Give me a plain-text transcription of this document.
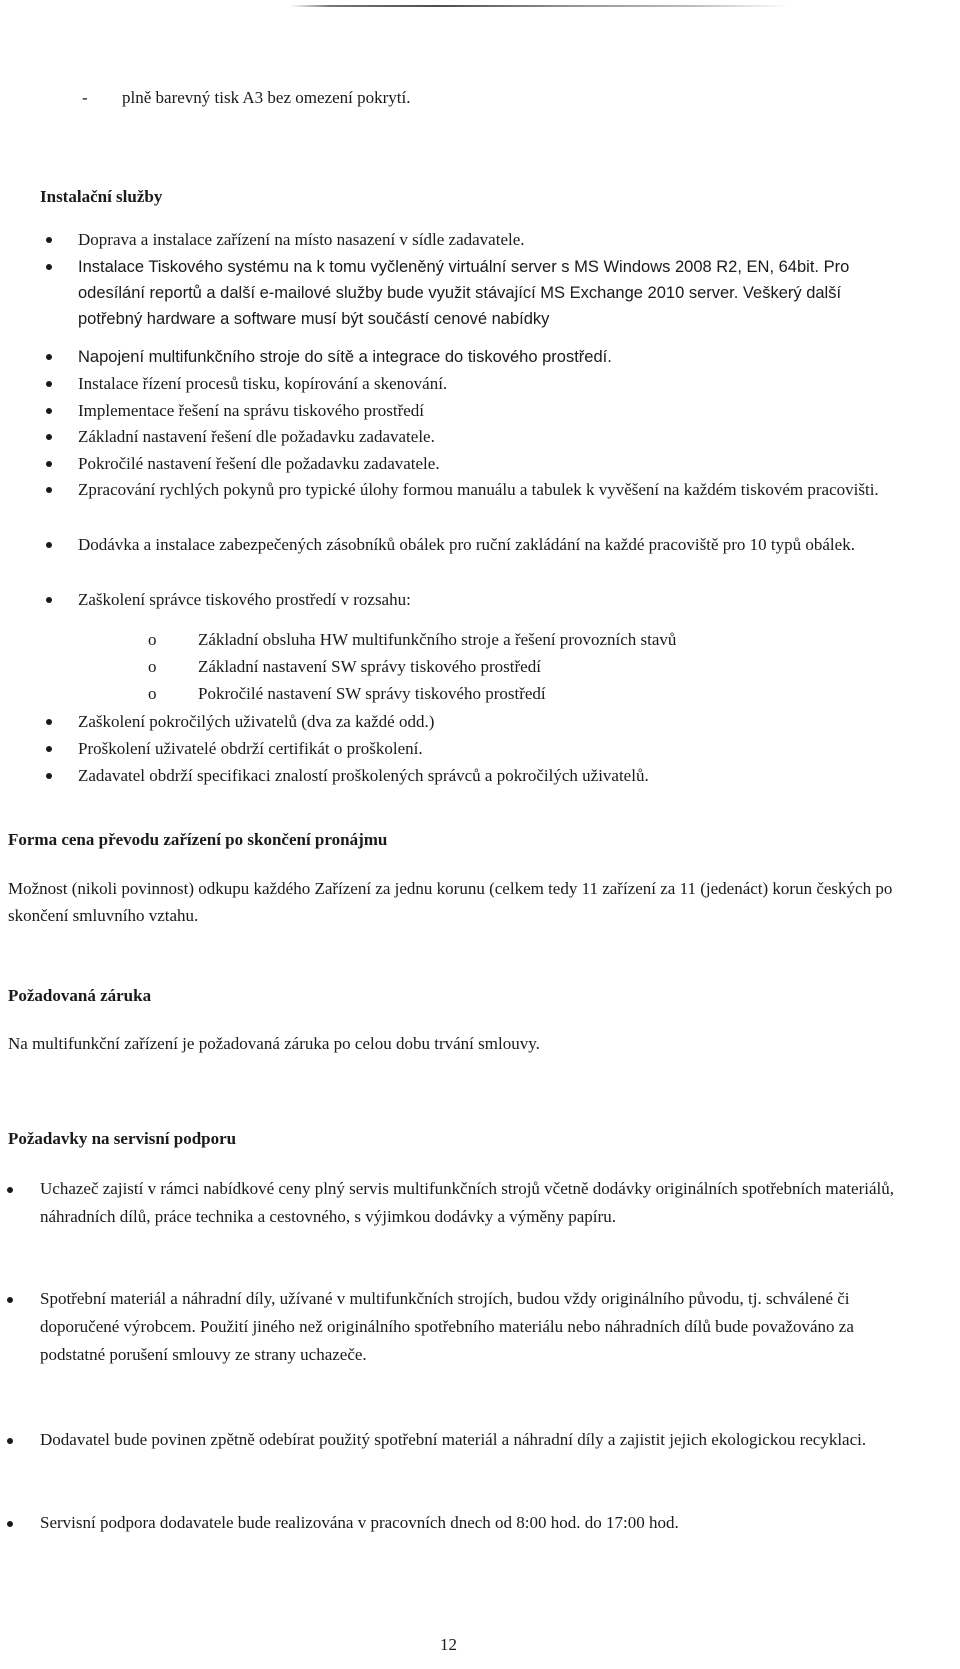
- plně barevný tisk A3 bez omezení pokrytí.
Instalační služby
Doprava a instalace zařízení na místo nasazení v sídle zadavatele.
Instalace Tiskového systému na k tomu vyčleněný virtuální server s MS Windows 2008 R2, EN, 64bit. Pro odesílání reportů a další e-mailové služby bude využit stávající MS Exchange 2010 server. Veškerý další potřebný hardware a software musí být součástí cenové nabídky
Napojení multifunkčního stroje do sítě a integrace do tiskového prostředí.
Instalace řízení procesů tisku, kopírování a skenování.
Implementace řešení na správu tiskového prostředí
Základní nastavení řešení dle požadavku zadavatele.
Pokročilé nastavení řešení dle požadavku zadavatele.
Zpracování rychlých pokynů pro typické úlohy formou manuálu a tabulek k vyvěšení na každém tiskovém pracovišti.
Dodávka a instalace zabezpečených zásobníků obálek pro ruční zakládání na každé pracoviště pro 10 typů obálek.
Zaškolení správce tiskového prostředí v rozsahu:
o Základní obsluha HW multifunkčního stroje a řešení provozních stavů
o Základní nastavení SW správy tiskového prostředí
o Pokročilé nastavení SW správy tiskového prostředí
Zaškolení pokročilých uživatelů (dva za každé odd.)
Proškolení uživatelé obdrží certifikát o proškolení.
Zadavatel obdrží specifikaci znalostí proškolených správců a pokročilých uživatelů.
Forma cena převodu zařízení po skončení pronájmu
Možnost (nikoli povinnost) odkupu každého Zařízení za jednu korunu (celkem tedy 11 zařízení za 11 (jedenáct) korun českých po skončení smluvního vztahu.
Požadovaná záruka
Na multifunkční zařízení je požadovaná záruka po celou dobu trvání smlouvy.
Požadavky na servisní podporu
Uchazeč zajistí v rámci nabídkové ceny plný servis multifunkčních strojů včetně dodávky originálních spotřebních materiálů, náhradních dílů, práce technika a cestovného, s výjimkou dodávky a výměny papíru.
Spotřební materiál a náhradní díly, užívané v multifunkčních strojích, budou vždy originálního původu, tj. schválené či doporučené výrobcem. Použití jiného než originálního spotřebního materiálu nebo náhradních dílů bude považováno za podstatné porušení smlouvy ze strany uchazeče.
Dodavatel bude povinen zpětně odebírat použitý spotřební materiál a náhradní díly a zajistit jejich ekologickou recyklaci.
Servisní podpora dodavatele bude realizována v pracovních dnech od 8:00 hod. do 17:00 hod.
12
